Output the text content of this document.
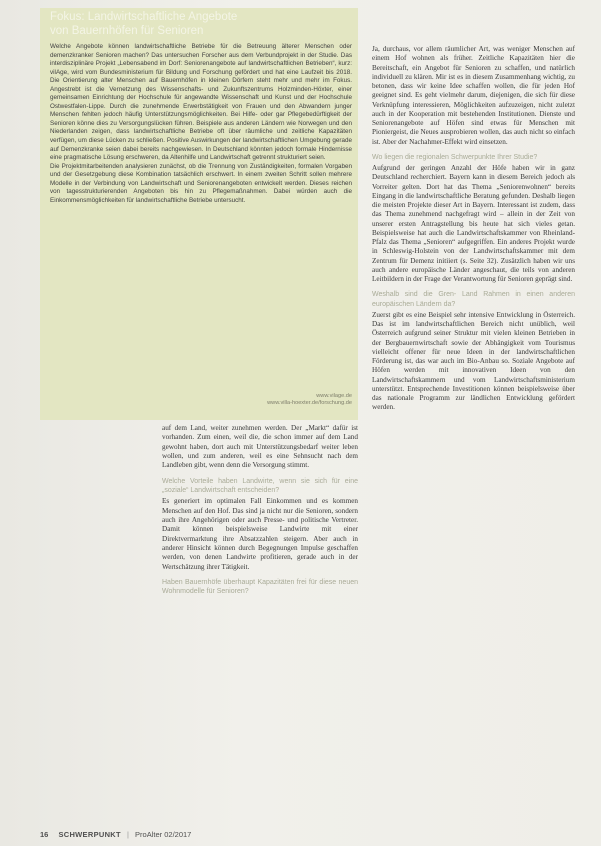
Fokus: Landwirtschaftliche Angebote
von Bauernhöfen für Senioren

Welche Angebote können landwirtschaftliche Betriebe für die Betreuung älterer Menschen oder demenzkranker Senioren machen? Das untersuchen Forscher aus dem Verbundprojekt in der Studie. Das interdisziplinäre Projekt „Lebensabend im Dorf: Seniorenangebote auf landwirtschaftlichen Betrieben“, kurz: vilAge, wird vom Bundesministerium für Bildung und Forschung gefördert und hat eine Laufzeit bis 2018. Die Orientierung alter Menschen auf Bauernhöfen in kleinen Dörfern steht mehr und mehr im Fokus. Angestrebt ist die Vernetzung des Wissenschafts- und Zukunftszentrums Holzminden-Höxter, einer gemeinsamen Einrichtung der Hochschule für angewandte Wissenschaft und Kunst und der Hochschule Ostwestfalen-Lippe. Durch die zunehmende Erwerbstätigkeit von Frauen und den Abwandern junger Menschen fehlten jedoch häufig Unterstützungsmöglichkeiten. Bei Hilfe- oder gar Pflegebedürftigkeit der Senioren könne dies zu Versorgungslücken führen. Beispiele aus anderen Ländern wie Norwegen und den Niederlanden zeigen, dass landwirtschaftliche Betriebe oft über räumliche und zeitliche Kapazitäten verfügen, um diese Lücken zu schließen. Positive Auswirkungen der landwirtschaftlichen Umgebung gerade auf Demenzkranke seien dabei bereits nachgewiesen. In Deutschland könnten jedoch formale Hindernisse eine pragmatische Lösung erschweren, da Altenhilfe und Landwirtschaft getrennt strukturiert seien.

Die Projektmitarbeitenden analysieren zunächst, ob die Trennung von Zuständigkeiten, formalen Vorgaben und der Gesetzgebung diese Kombination tatsächlich erschwert. In einem zweiten Schritt sollen mehrere Modelle in der Verbindung von Landwirtschaft und Seniorenangeboten entwickelt werden. Dieses reichen von tagesstrukturierenden Angeboten bis hin zu Pflegemaßnahmen. Dabei würden auch die Einkommensmöglichkeiten für landwirtschaftliche Betriebe untersucht.

www.vilage.de
www.villa-hoexter.de/forschung.de

auf dem Land, weiter zunehmen werden. Der „Markt“ dafür ist vorhanden. Zum einen, weil die, die schon immer auf dem Land gewohnt haben, dort auch mit Unterstützungsbedarf weiter leben wollen, und zum anderen, weil es eine Sehnsucht nach dem Landleben gibt, wenn denn die Versorgung stimmt.

Welche Vorteile haben Landwirte, wenn sie sich für eine „soziale“ Landwirtschaft entscheiden?

Es generiert im optimalen Fall Einkommen und es kommen Menschen auf den Hof. Das sind ja nicht nur die Senioren, sondern auch ihre Angehörigen oder auch Presse- und politische Vertreter. Damit können beispielsweise Landwirte mit einer Direktvermarktung ihre Absatzzahlen steigern. Aber auch in anderer Hinsicht können durch Begegnungen Impulse geschaffen werden, von denen Landwirte profitieren, gerade auch in der Wertschätzung ihrer Tätigkeit.

Haben Bauernhöfe überhaupt Kapazitäten frei für diese neuen Wohnmodelle für Senioren?

Ja, durchaus, vor allem räumlicher Art, was weniger Menschen auf einem Hof wohnen als früher. Zeitliche Kapazitäten hier die Bereitschaft, ein Angebot für Senioren zu schaffen, und natürlich individuell zu klären. Mir ist es in diesem Zusammenhang wichtig, zu betonen, dass wir keine Idee schaffen wollen, die für jeden Hof geeignet sind. Es geht vielmehr darum, diejenigen, die sich für diese Verknüpfung interessieren, Möglichkeiten aufzuzeigen, nicht zuletzt auch in der Kooperation mit bestehenden Institutionen. Dienste und Seniorenangebote auf Höfen sind etwas für Menschen mit Pioniergeist, die Neues ausprobieren wollen, das auch nicht so einfach ist. Aber der Nachahmer-Effekt wird einsetzen.

Wo liegen die regionalen Schwerpunkte Ihrer Studie?

Aufgrund der geringen Anzahl der Höfe haben wir in ganz Deutschland recherchiert. Bayern kann in diesem Bereich jedoch als Vorreiter gelten. Dort hat das Thema „Seniorenwohnen“ bereits Eingang in die landwirtschaftliche Beratung gefunden. Deshalb liegen die meisten Projekte dieser Art in Bayern. Interessant ist zudem, dass das Thema zunehmend nachgefragt wird – allein in der Zeit von unserer ersten Antragstellung bis heute hat sich vieles getan. Beispielsweise hat auch die Landwirtschaftskammer von Rheinland-Pfalz das Thema „Senioren“ aufgegriffen. Ein anderes Projekt wurde in Schleswig-Holstein von der Landwirtschaftskammer mit dem Zentrum für Demenz initiiert (s. Seite 32). Zusätzlich haben wir uns auch andere europäische Länder angeschaut, die teils von anderen Leitbildern in der Frage der Verantwortung für Senioren geprägt sind.

Weshalb sind die Gren- Land Rahmen in einen anderen europäischen Ländern da?

Zuerst gibt es eine Beispiel sehr intensive Entwicklung in Österreich. Das ist im landwirtschaftlichen Bereich nicht unüblich, weil Österreich aufgrund seiner Struktur mit vielen kleinen Betrieben in der Bergbauernwirtschaft sowie der Abhängigkeit vom Tourismus vielleicht offener für neue Ideen in der landwirtschaftlichen Förderung ist, das war auch im Bio-Anbau so. Soziale Angebote auf Höfen werden mit innovativen Ideen von den Landwirtschaftskammern und vom Landwirtschaftsministerium unterstützt. Entsprechende Investitionen können beispielsweise über das nationale Programm zur ländlichen Entwicklung gefördert werden.

16 SCHWERPUNKT | ProAlter 02/2017
